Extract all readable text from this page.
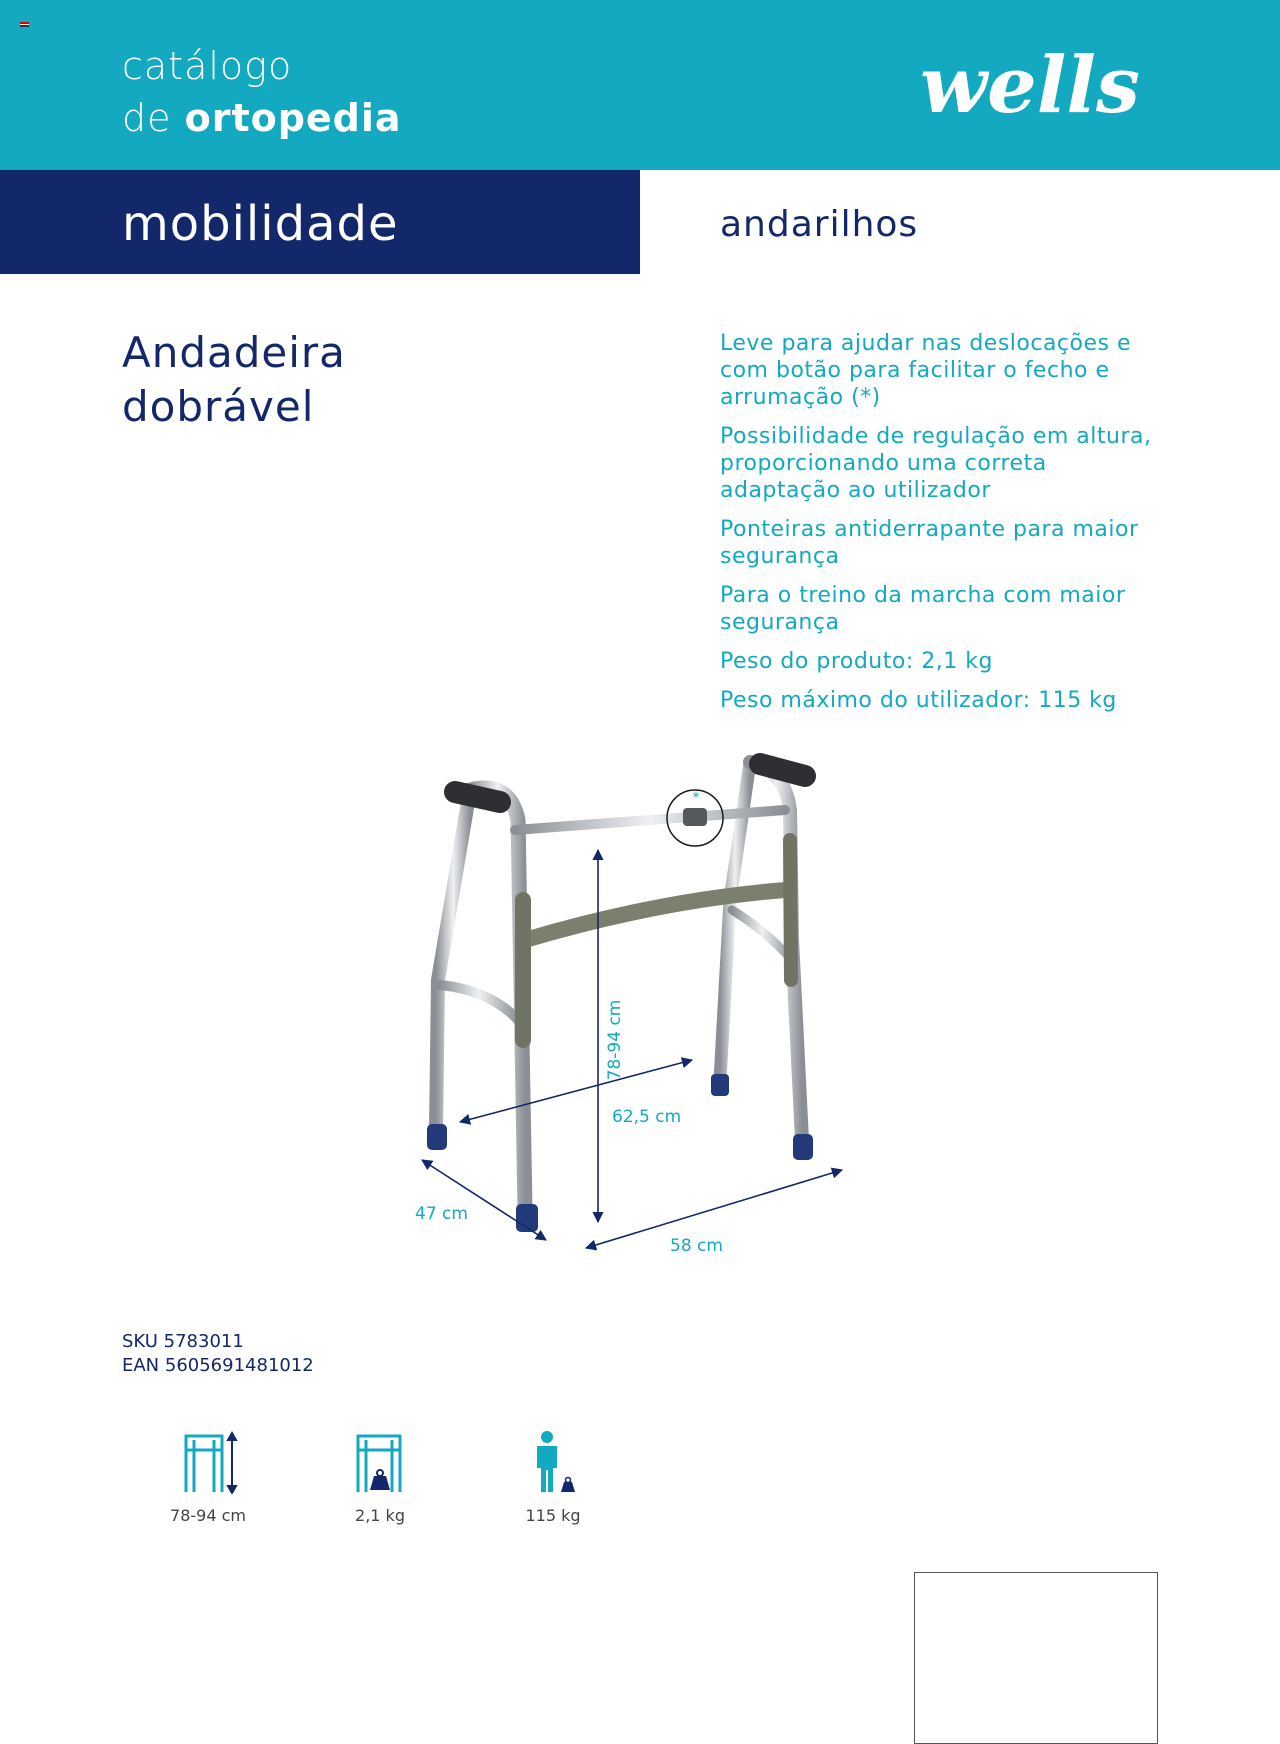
catálogo
de ortopedia	wells
mobilidade	andarilhos
Andadeira
dobrável
Leve para ajudar nas deslocações e com botão para facilitar o fecho e arrumação (*)
Possibilidade de regulação em altura, proporcionando uma correta adaptação ao utilizador
Ponteiras antiderrapante para maior segurança
Para o treino da marcha com maior segurança
Peso do produto: 2,1 kg
Peso máximo do utilizador: 115 kg
*
78-94 cm
62,5 cm
47 cm
58 cm
SKU 5783011
EAN 5605691481012
78-94 cm	2,1 kg	115 kg
